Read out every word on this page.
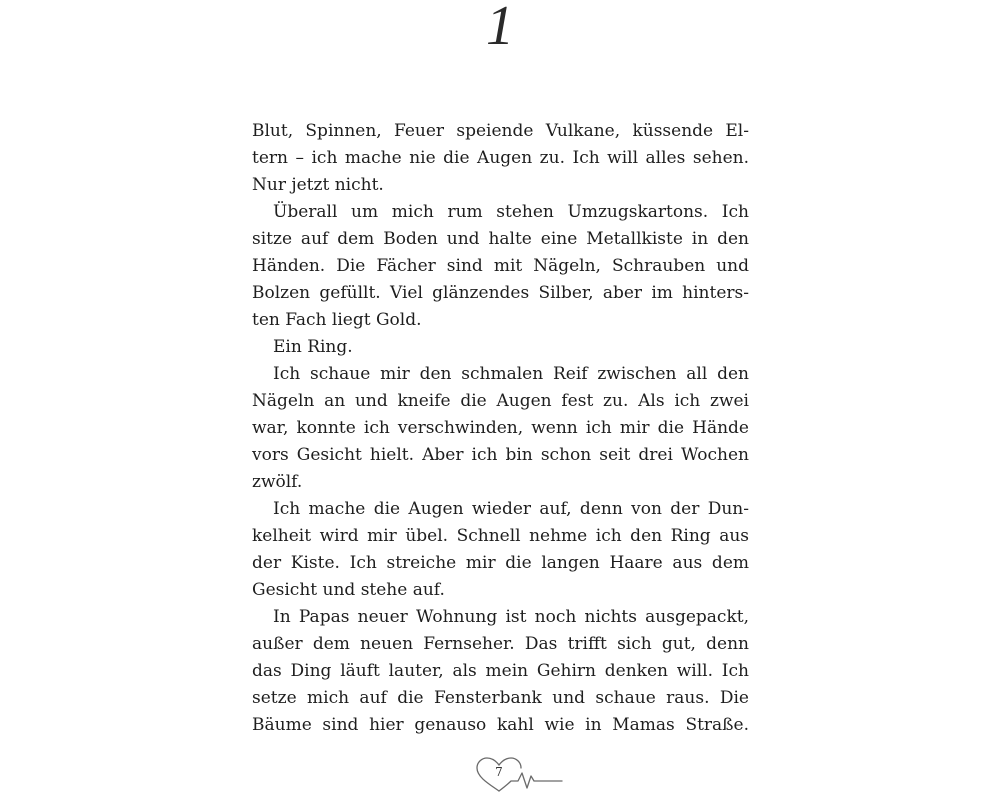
1
Blut, Spinnen, Feuer speiende Vulkane, küssende El-
tern – ich mache nie die Augen zu. Ich will alles sehen.
Nur jetzt nicht.
Überall um mich rum stehen Umzugskartons. Ich
sitze auf dem Boden und halte eine Metallkiste in den
Händen. Die Fächer sind mit Nägeln, Schrauben und
Bolzen gefüllt. Viel glänzendes Silber, aber im hinters-
ten Fach liegt Gold.
Ein Ring.
Ich schaue mir den schmalen Reif zwischen all den
Nägeln an und kneife die Augen fest zu. Als ich zwei
war, konnte ich verschwinden, wenn ich mir die Hände
vors Gesicht hielt. Aber ich bin schon seit drei Wochen
zwölf.
Ich mache die Augen wieder auf, denn von der Dun-
kelheit wird mir übel. Schnell nehme ich den Ring aus
der Kiste. Ich streiche mir die langen Haare aus dem
Gesicht und stehe auf.
In Papas neuer Wohnung ist noch nichts ausgepackt,
außer dem neuen Fernseher. Das trifft sich gut, denn
das Ding läuft lauter, als mein Gehirn denken will. Ich
setze mich auf die Fensterbank und schaue raus. Die
Bäume sind hier genauso kahl wie in Mamas Straße.
7
